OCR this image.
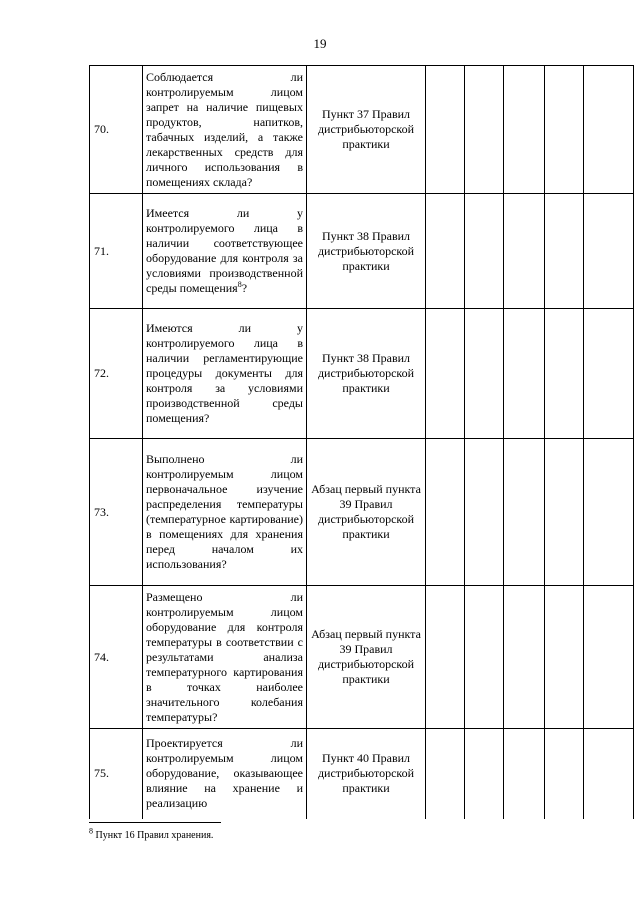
19
70.	Соблюдается ли контролируемым лицом запрет на наличие пищевых продуктов, напитков, табачных изделий, а также лекарственных средств для личного использования в помещениях склада?	Пункт 37 Правил дистрибьюторской практики					
71.	Имеется ли у контролируемого лица в наличии соответствующее оборудование для контроля за условиями производственной среды помещения$^8$?	Пункт 38 Правил дистрибьюторской практики					
72.	Имеются ли у контролируемого лица в наличии регламентирующие процедуры документы для контроля за условиями производственной среды помещения?	Пункт 38 Правил дистрибьюторской практики					
73.	Выполнено ли контролируемым лицом первоначальное изучение распределения температуры (температурное картирование) в помещениях для хранения перед началом их использования?	Абзац первый пункта 39 Правил дистрибьюторской практики					
74.	Размещено ли контролируемым лицом оборудование для контроля температуры в соответствии с результатами анализа температурного картирования в точках наиболее значительного колебания температуры?	Абзац первый пункта 39 Правил дистрибьюторской практики					
75.	Проектируется ли контролируемым лицом оборудование, оказывающее влияние на хранение и реализацию	Пункт 40 Правил дистрибьюторской практики					
$^8$ Пункт 16 Правил хранения.
